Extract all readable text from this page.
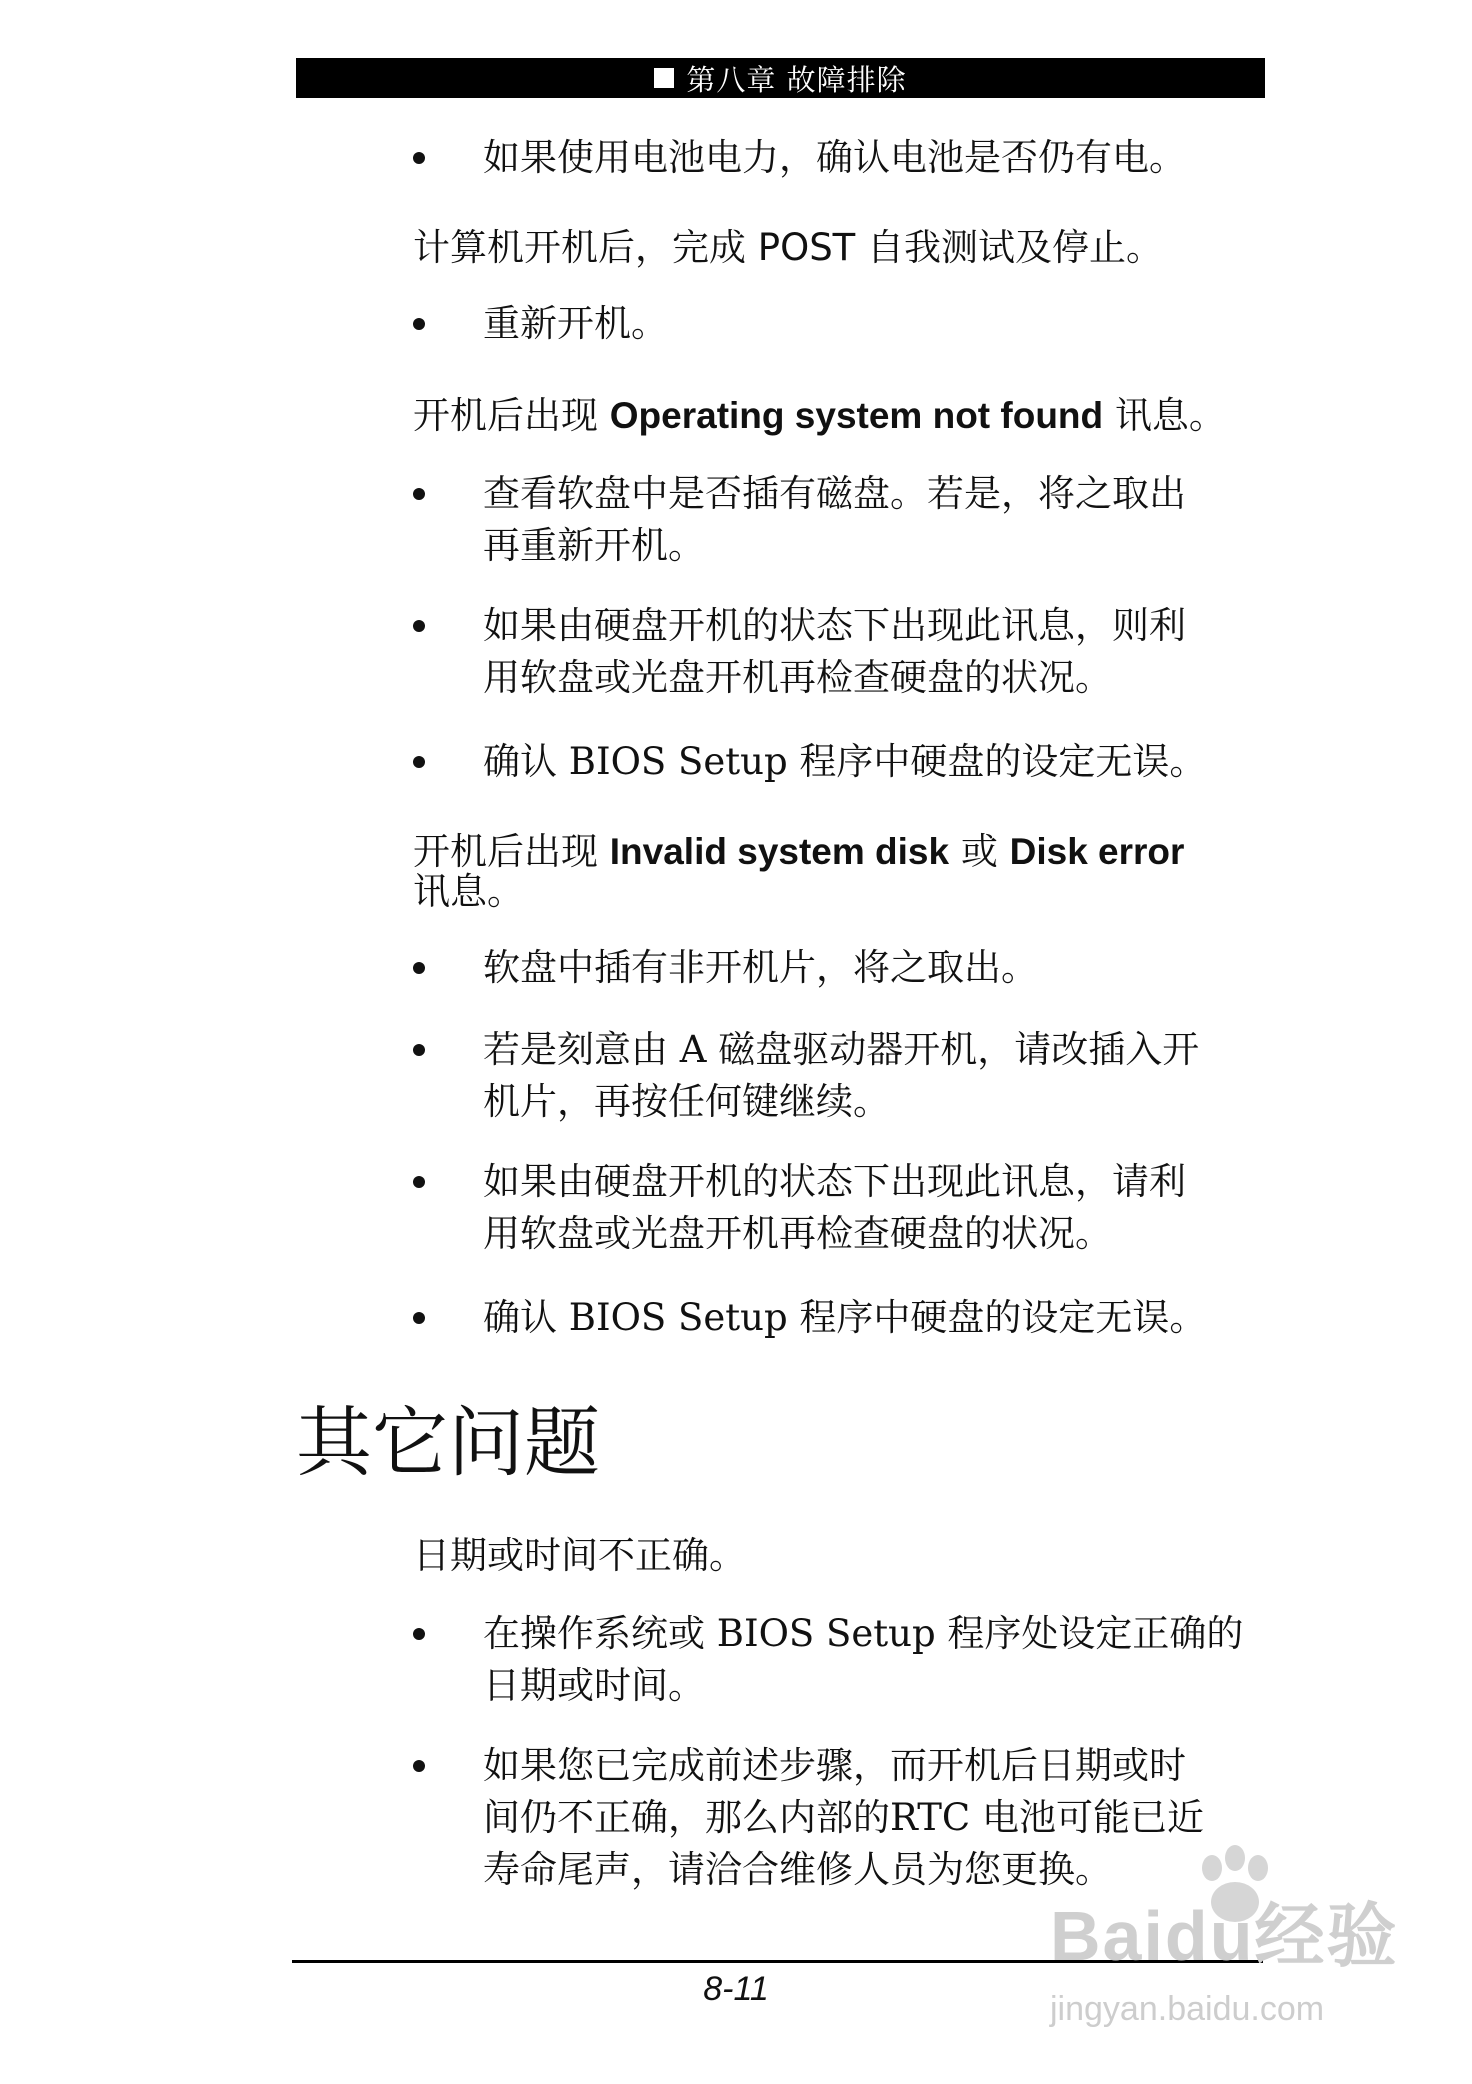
第八章 故障排除
如果使用电池电力，确认电池是否仍有电。
计算机开机后，完成 POST 自我测试及停止。
重新开机。
开机后出现 Operating system not found 讯息。
查看软盘中是否插有磁盘。若是，将之取出
再重新开机。
如果由硬盘开机的状态下出现此讯息，则利
用软盘或光盘开机再检查硬盘的状况。
确认 BIOS Setup 程序中硬盘的设定无误。
开机后出现 Invalid system disk 或 Disk error
讯息。
软盘中插有非开机片，将之取出。
若是刻意由 A 磁盘驱动器开机，请改插入开
机片，再按任何键继续。
如果由硬盘开机的状态下出现此讯息，请利
用软盘或光盘开机再检查硬盘的状况。
确认 BIOS Setup 程序中硬盘的设定无误。
其它问题
日期或时间不正确。
在操作系统或 BIOS Setup 程序处设定正确的
日期或时间。
如果您已完成前述步骤，而开机后日期或时
间仍不正确，那么内部的RTC 电池可能已近
寿命尾声，请洽合维修人员为您更换。
8-11
Baidu经验
jingyan.baidu.com
